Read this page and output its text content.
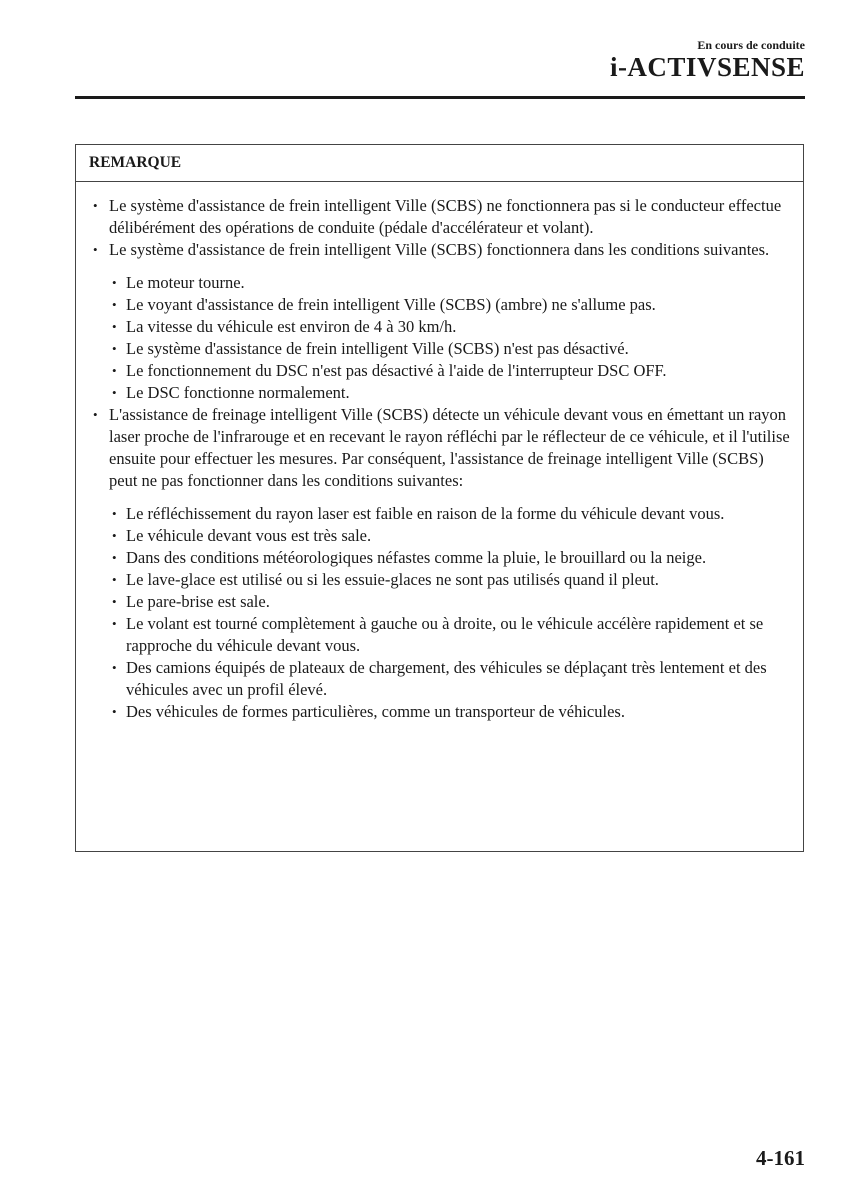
En cours de conduite
i-ACTIVSENSE
REMARQUE
• Le système d'assistance de frein intelligent Ville (SCBS) ne fonctionnera pas si le conducteur effectue délibérément des opérations de conduite (pédale d'accélérateur et volant).
• Le système d'assistance de frein intelligent Ville (SCBS) fonctionnera dans les conditions suivantes.
• Le moteur tourne.
• Le voyant d'assistance de frein intelligent Ville (SCBS) (ambre) ne s'allume pas.
• La vitesse du véhicule est environ de 4 à 30 km/h.
• Le système d'assistance de frein intelligent Ville (SCBS) n'est pas désactivé.
• Le fonctionnement du DSC n'est pas désactivé à l'aide de l'interrupteur DSC OFF.
• Le DSC fonctionne normalement.
• L'assistance de freinage intelligent Ville (SCBS) détecte un véhicule devant vous en émettant un rayon laser proche de l'infrarouge et en recevant le rayon réfléchi par le réflecteur de ce véhicule, et il l'utilise ensuite pour effectuer les mesures. Par conséquent, l'assistance de freinage intelligent Ville (SCBS) peut ne pas fonctionner dans les conditions suivantes:
• Le réfléchissement du rayon laser est faible en raison de la forme du véhicule devant vous.
• Le véhicule devant vous est très sale.
• Dans des conditions météorologiques néfastes comme la pluie, le brouillard ou la neige.
• Le lave-glace est utilisé ou si les essuie-glaces ne sont pas utilisés quand il pleut.
• Le pare-brise est sale.
• Le volant est tourné complètement à gauche ou à droite, ou le véhicule accélère rapidement et se rapproche du véhicule devant vous.
• Des camions équipés de plateaux de chargement, des véhicules se déplaçant très lentement et des véhicules avec un profil élevé.
• Des véhicules de formes particulières, comme un transporteur de véhicules.
4-161
